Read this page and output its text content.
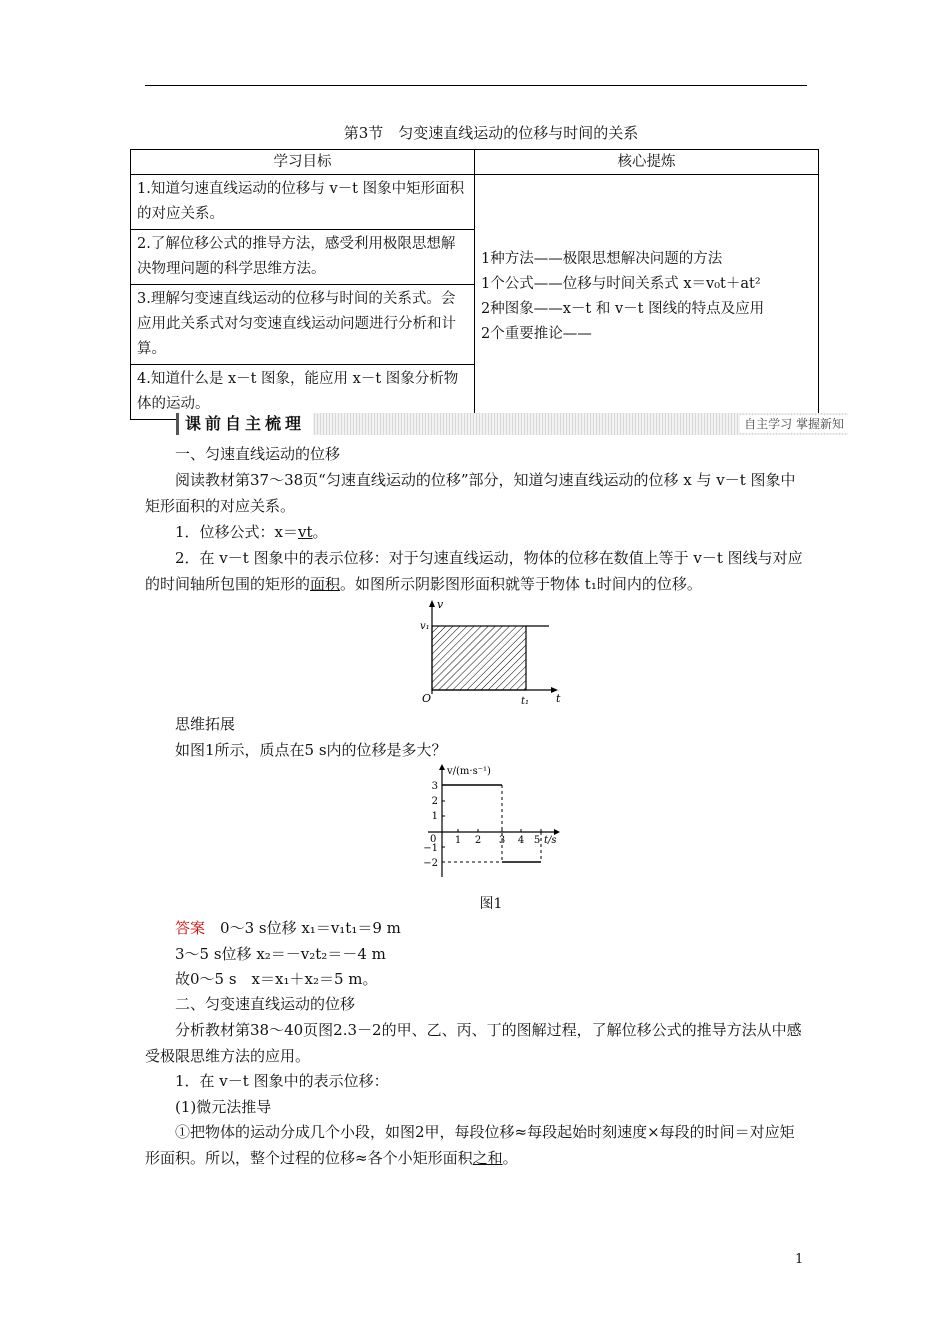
第3节　匀变速直线运动的位移与时间的关系
学习目标	核心提炼
1.知道匀速直线运动的位移与 v－t 图象中矩形面积的对应关系。	1种方法——极限思想解决问题的方法
1个公式——位移与时间关系式 x＝v₀t＋at²
2种图象——x－t 和 v－t 图线的特点及应用
2个重要推论——

2.了解位移公式的推导方法，感受利用极限思想解决物理问题的科学思维方法。	
3.理解匀变速直线运动的位移与时间的关系式。会应用此关系式对匀变速直线运动问题进行分析和计算。	
4.知道什么是 x－t 图象，能应用 x－t 图象分析物体的运动。	
课前自主梳理	自主学习 掌握新知
一、匀速直线运动的位移
阅读教材第37～38页“匀速直线运动的位移”部分，知道匀速直线运动的位移 x 与 v－t 图象中矩形面积的对应关系。
1．位移公式：x＝vt。
2．在 v－t 图象中的表示位移：对于匀速直线运动，物体的位移在数值上等于 v－t 图线与对应的时间轴所包围的矩形的面积。如图所示阴影图形面积就等于物体 t₁时间内的位移。
v
v₁
O	t₁ t
思维拓展
如图1所示，质点在5 s内的位移是多大？
v/(m·s⁻¹)
t/s
0 1 2 3 4 5
3
2
1
−1
−2
图1
答案　 0～3 s位移 x₁＝v₁t₁＝9 m
3～5 s位移 x₂＝－v₂t₂＝－4 m
故0～5 s　x＝x₁＋x₂＝5 m。
二、匀变速直线运动的位移
分析教材第38～40页图2.3－2的甲、乙、丙、丁的图解过程，了解位移公式的推导方法从中感受极限思维方法的应用。
1．在 v－t 图象中的表示位移：
(1)微元法推导
①把物体的运动分成几个小段，如图2甲，每段位移≈每段起始时刻速度×每段的时间＝对应矩形面积。所以，整个过程的位移≈各个小矩形面积之和。
1
